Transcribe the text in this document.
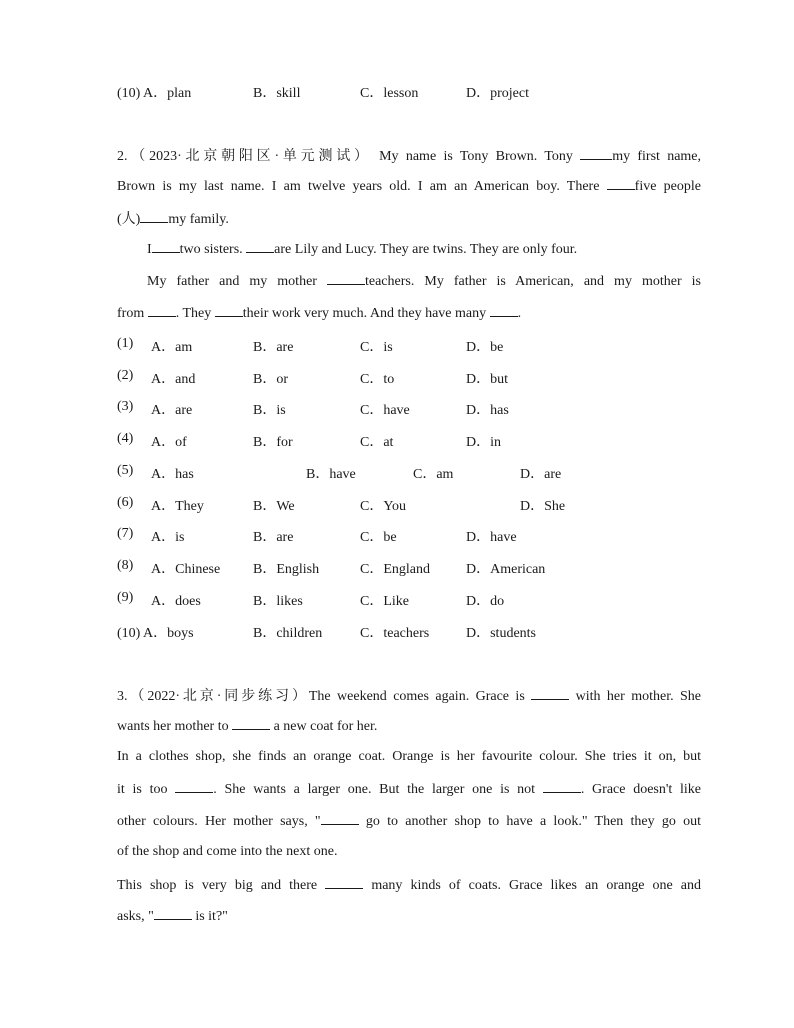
(10) A．plan	B．skill	C．lesson	D．project
2.（2023·北京朝阳区·单元测试） My name is Tony Brown. Tony	my first name,
Brown is my last name. I am twelve years old. I am an American boy. There	five people
(人) my family.
I two sisters. are Lily and Lucy. They are twins. They are only four.
My father and my mother	teachers. My father is American, and my mother is
from . They their work very much. And they have many .
(1) A．am	B．are	C．is	D．be
(2) A．and	B．or	C．to	D．but
(3) A．are	B．is	C．have	D．has
(4) A．of	B．for	C．at	D．in
(5) A．has	B．have	C．am	D．are
(6) A．They	B．We	C．You	D．She
(7) A．is	B．are	C．be	D．have
(8) A．Chinese B．English	C．England	D．American
(9) A．does	B．likes	C．Like	D．do
(10) A．boys	B．children	C．teachers	D．students
3.（2022·北京·同步练习）The weekend comes again. Grace is	with her mother. She
wants her mother to	a new coat for her.
In a clothes shop, she finds an orange coat. Orange is her favourite colour. She tries it on, but
it is too	. She wants a larger one. But the larger one is not	. Grace doesn't like
other colours. Her mother says, "	go to another shop to have a look." Then they go out
of the shop and come into the next one.
This shop is very big and there	many kinds of coats. Grace likes an orange one and
asks, "	is it?"
